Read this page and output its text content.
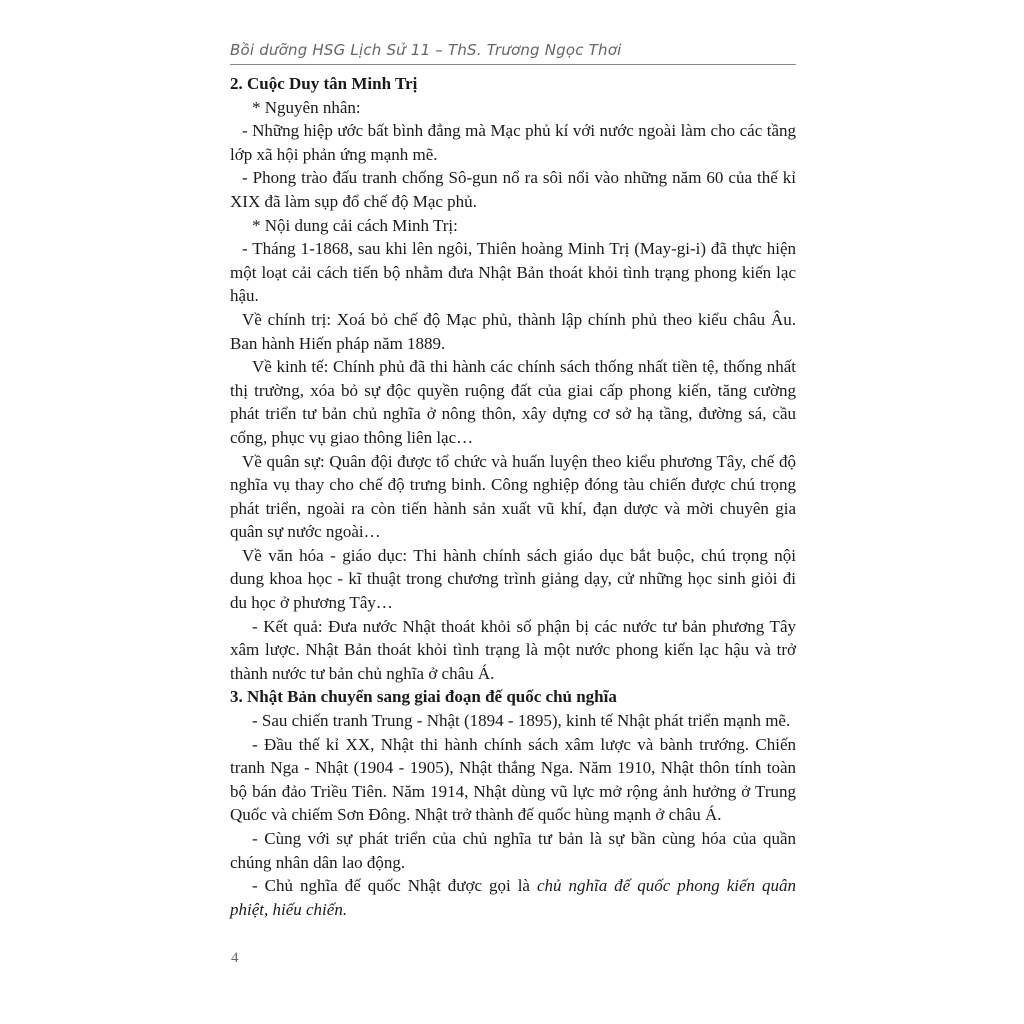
Bồi dưỡng HSG Lịch Sử 11 – ThS. Trương Ngọc Thơi

2. Cuộc Duy tân Minh Trị

* Nguyên nhân:

- Những hiệp ước bất bình đẳng mà Mạc phủ kí với nước ngoài làm cho các tầng lớp xã hội phản ứng mạnh mẽ.

- Phong trào đấu tranh chống Sô-gun nổ ra sôi nổi vào những năm 60 của thế kỉ XIX đã làm sụp đổ chế độ Mạc phủ.

* Nội dung cải cách Minh Trị:

- Tháng 1-1868, sau khi lên ngôi, Thiên hoàng Minh Trị (May-gi-i) đã thực hiện một loạt cải cách tiến bộ nhằm đưa Nhật Bản thoát khỏi tình trạng phong kiến lạc hậu.

Về chính trị: Xoá bỏ chế độ Mạc phủ, thành lập chính phủ theo kiểu châu Âu. Ban hành Hiến pháp năm 1889.

Về kinh tế: Chính phủ đã thi hành các chính sách thống nhất tiền tệ, thống nhất thị trường, xóa bỏ sự độc quyền ruộng đất của giai cấp phong kiến, tăng cường phát triển tư bản chủ nghĩa ở nông thôn, xây dựng cơ sở hạ tầng, đường sá, cầu cống, phục vụ giao thông liên lạc…

Về quân sự: Quân đội được tổ chức và huấn luyện theo kiểu phương Tây, chế độ nghĩa vụ thay cho chế độ trưng binh. Công nghiệp đóng tàu chiến được chú trọng phát triển, ngoài ra còn tiến hành sản xuất vũ khí, đạn dược và mời chuyên gia quân sự nước ngoài…

Về văn hóa - giáo dục: Thi hành chính sách giáo dục bắt buộc, chú trọng nội dung khoa học - kĩ thuật trong chương trình giảng dạy, cử những học sinh giỏi đi du học ở phương Tây…

- Kết quả: Đưa nước Nhật thoát khỏi số phận bị các nước tư bản phương Tây xâm lược. Nhật Bản thoát khỏi tình trạng là một nước phong kiến lạc hậu và trở thành nước tư bản chủ nghĩa ở châu Á.

3. Nhật Bản chuyển sang giai đoạn đế quốc chủ nghĩa

- Sau chiến tranh Trung - Nhật (1894 - 1895), kinh tế Nhật phát triển mạnh mẽ.

- Đầu thế kỉ XX, Nhật thi hành chính sách xâm lược và bành trướng. Chiến tranh Nga - Nhật (1904 - 1905), Nhật thắng Nga. Năm 1910, Nhật thôn tính toàn bộ bán đảo Triều Tiên. Năm 1914, Nhật dùng vũ lực mở rộng ảnh hưởng ở Trung Quốc và chiếm Sơn Đông. Nhật trở thành đế quốc hùng mạnh ở châu Á.

- Cùng với sự phát triển của chủ nghĩa tư bản là sự bần cùng hóa của quần chúng nhân dân lao động.

- Chủ nghĩa đế quốc Nhật được gọi là chủ nghĩa đế quốc phong kiến quân phiệt, hiếu chiến.

4
